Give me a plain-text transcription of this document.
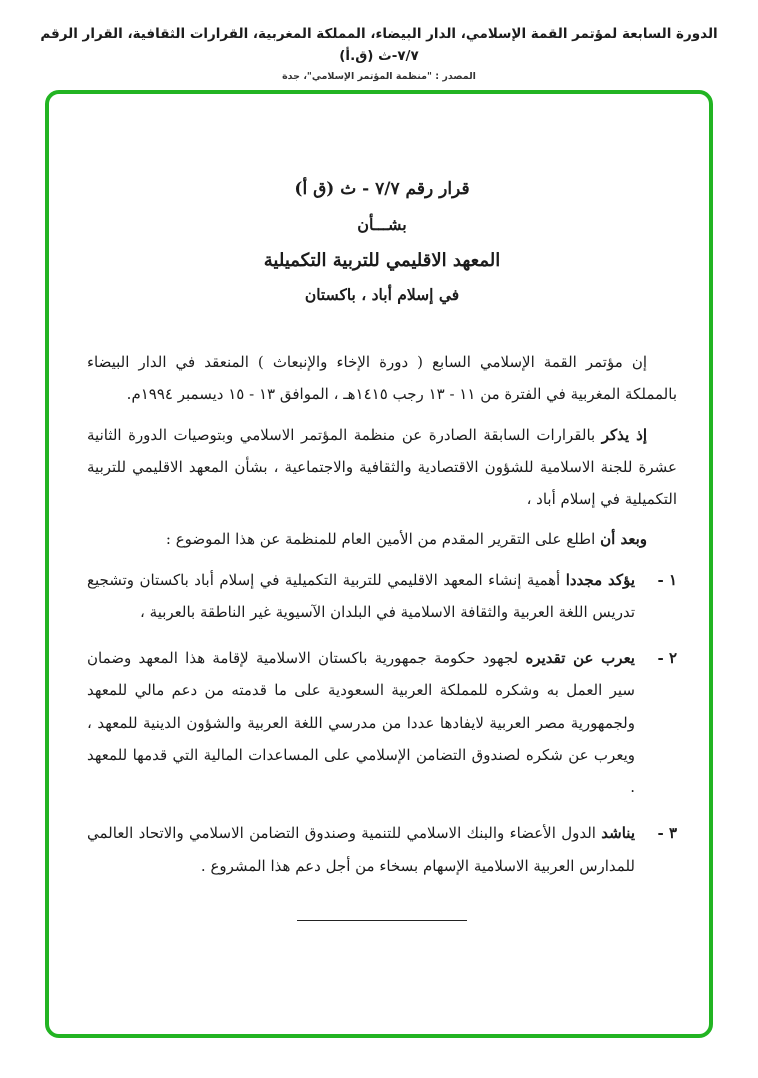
الدورة السابعة لمؤتمر القمة الإسلامي، الدار البيضاء، المملكة المغربية، القرارات الثقافية، القرار الرقم ٧/٧-ث (ق.أ)
المصدر : "منظمة المؤتمر الإسلامي"، جدة
قرار رقم ٧/٧ - ث (ق أ)
بشـــأن
المعهد الاقليمي للتربية التكميلية
في إسلام أباد ، باكستان

إن مؤتمر القمة الإسلامي السابع ( دورة الإخاء والإنبعاث ) المنعقد في الدار البيضاء بالمملكة المغربية في الفترة من ١١ - ١٣ رجب ١٤١٥هـ ، الموافق ١٣ - ١٥ ديسمبر ١٩٩٤م.

إذ يذكر بالقرارات السابقة الصادرة عن منظمة المؤتمر الاسلامي وبتوصيات الدورة الثانية عشرة للجنة الاسلامية للشؤون الاقتصادية والثقافية والاجتماعية ، بشأن المعهد الاقليمي للتربية التكميلية في إسلام أباد ،

وبعد أن اطلع على التقرير المقدم من الأمين العام للمنظمة عن هذا الموضوع :

١ -
يؤكد مجددا أهمية إنشاء المعهد الاقليمي للتربية التكميلية في إسلام أباد باكستان وتشجيع تدريس اللغة العربية والثقافة الاسلامية في البلدان الآسيوية غير الناطقة بالعربية ،
٢ -
يعرب عن تقديره لجهود حكومة جمهورية باكستان الاسلامية لإقامة هذا المعهد وضمان سير العمل به وشكره للمملكة العربية السعودية على ما قدمته من دعم مالي للمعهد ولجمهورية مصر العربية لايفادها عددا من مدرسي اللغة العربية والشؤون الدينية للمعهد ، ويعرب عن شكره لصندوق التضامن الإسلامي على المساعدات المالية التي قدمها للمعهد .
٣ -
يناشد الدول الأعضاء والبنك الاسلامي للتنمية وصندوق التضامن الاسلامي والاتحاد العالمي للمدارس العربية الاسلامية الإسهام بسخاء من أجل دعم هذا المشروع .
